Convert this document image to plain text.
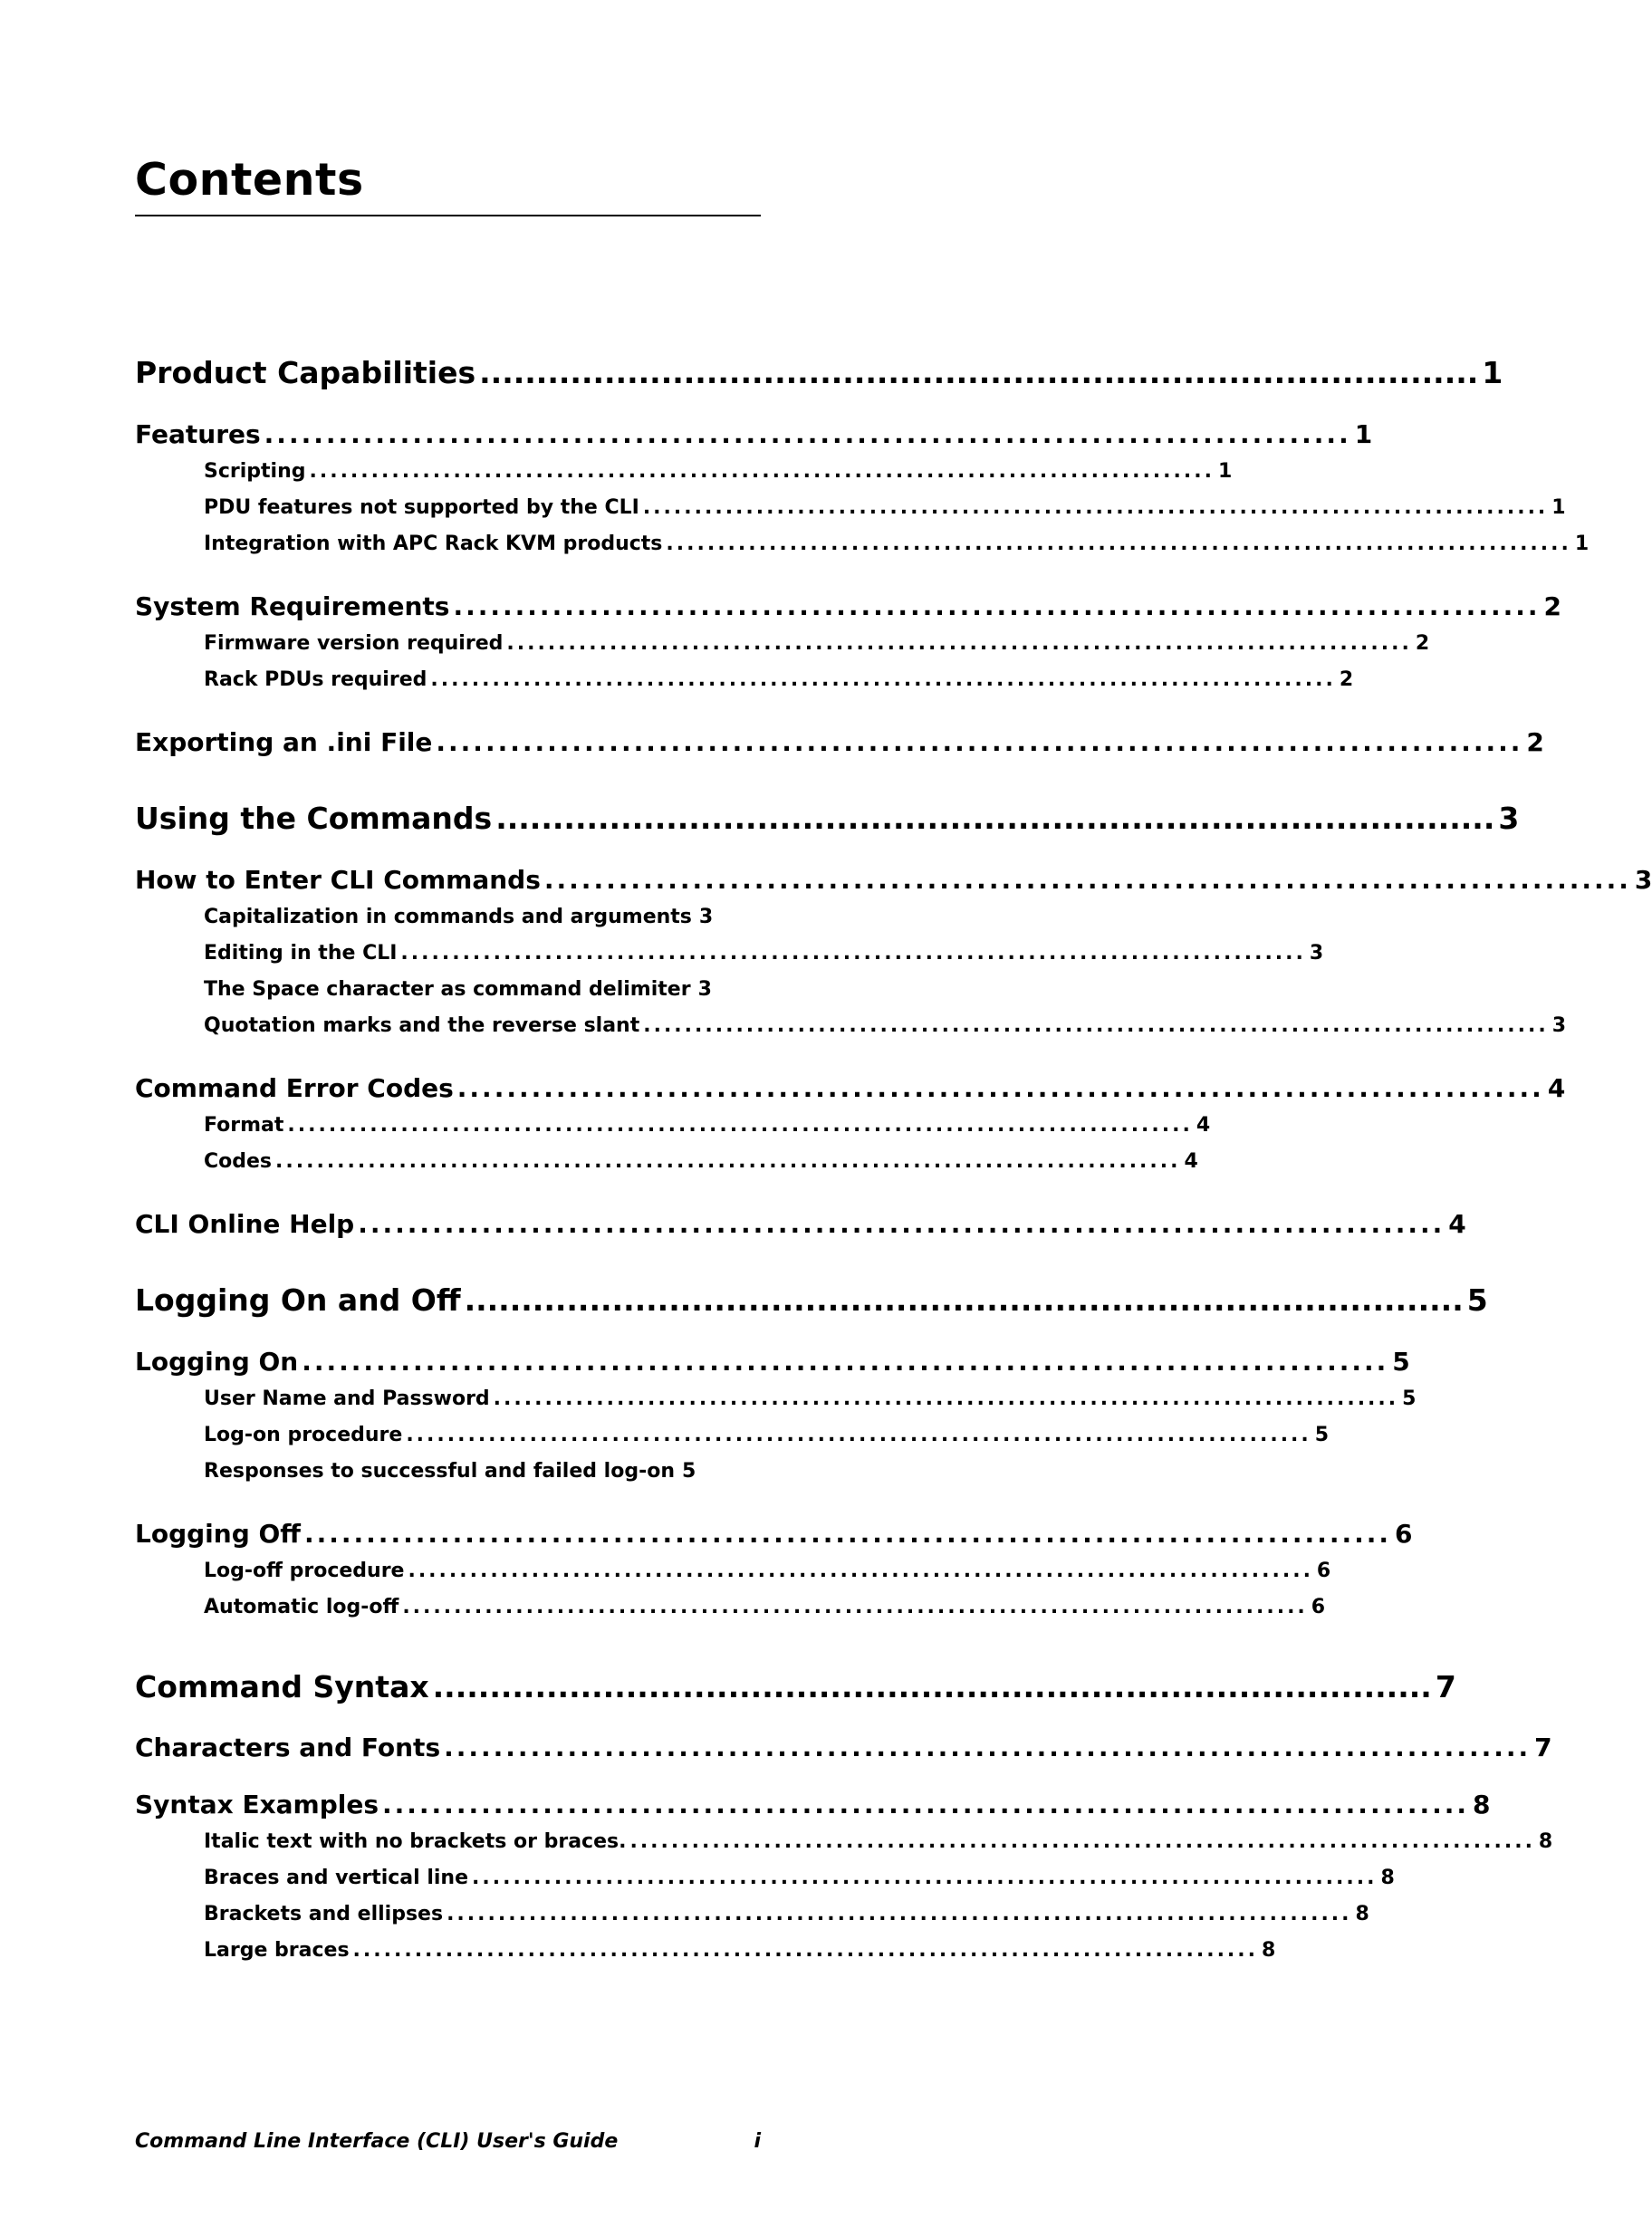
Contents
Product Capabilities ........................................................................................ 1
Features ........................................................................................ 1
Scripting ........................................................................................ 1
PDU features not supported by the CLI ........................................................................................ 1
Integration with APC Rack KVM products ........................................................................................ 1
System Requirements ........................................................................................ 2
Firmware version required ........................................................................................ 2
Rack PDUs required ........................................................................................ 2
Exporting an .ini File ........................................................................................ 2
Using the Commands ........................................................................................ 3
How to Enter CLI Commands ........................................................................................ 3
Capitalization in commands and arguments 3
Editing in the CLI ........................................................................................ 3
The Space character as command delimiter 3
Quotation marks and the reverse slant ........................................................................................ 3
Command Error Codes ........................................................................................ 4
Format ........................................................................................ 4
Codes ........................................................................................ 4
CLI Online Help ........................................................................................ 4
Logging On and Off ........................................................................................ 5
Logging On ........................................................................................ 5
User Name and Password ........................................................................................ 5
Log-on procedure ........................................................................................ 5
Responses to successful and failed log-on 5
Logging Off ........................................................................................ 6
Log-off procedure ........................................................................................ 6
Automatic log-off ........................................................................................ 6
Command Syntax ........................................................................................ 7
Characters and Fonts ........................................................................................ 7
Syntax Examples ........................................................................................ 8
Italic text with no brackets or braces. ........................................................................................ 8
Braces and vertical line ........................................................................................ 8
Brackets and ellipses ........................................................................................ 8
Large braces ........................................................................................ 8
Command Line Interface (CLI) User's Guide	i
